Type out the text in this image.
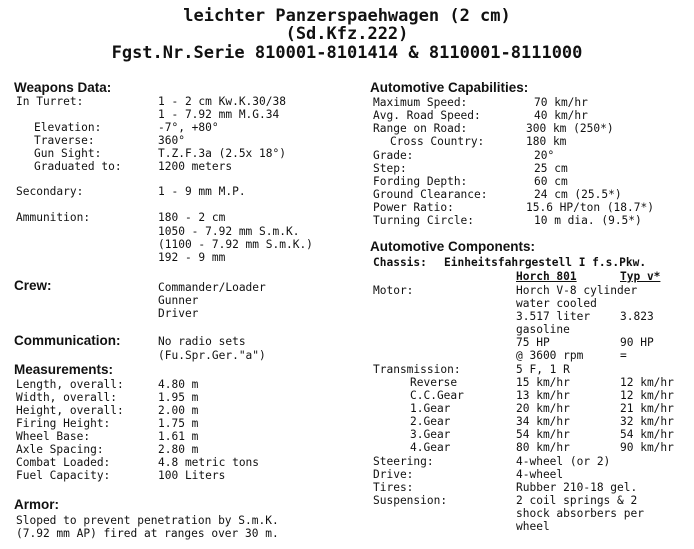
leichter Panzerspaehwagen (2 cm)
(Sd.Kfz.222)
Fgst.Nr.Serie 810001-8101414 & 8110001-8111000
Weapons Data:
In Turret:	1 - 2 cm Kw.K.30/38
1 - 7.92 mm M.G.34
Elevation:	-7°, +80°
Traverse:	360°
Gun Sight:	T.Z.F.3a (2.5x 18°)
Graduated to:	1200 meters
Secondary:	1 - 9 mm M.P.
Ammunition:	180 - 2 cm
1050 - 7.92 mm S.m.K.
(1100 - 7.92 mm S.m.K.)
192 - 9 mm
Crew:	Commander/Loader
Gunner
Driver
Communication:	No radio sets
(Fu.Spr.Ger."a")
Measurements:
Length, overall:	4.80 m
Width, overall:	1.95 m
Height, overall:	2.00 m
Firing Height:	1.75 m
Wheel Base:	1.61 m
Axle Spacing:	2.80 m
Combat Loaded:	4.8 metric tons
Fuel Capacity:	100 Liters
Armor:
Sloped to prevent penetration by S.m.K.
(7.92 mm AP) fired at ranges over 30 m.
Automotive Capabilities:
Maximum Speed:	70 km/hr
Avg. Road Speed:	40 km/hr
Range on Road:	300 km (250*)
Cross Country:	180 km
Grade:	20°
Step:	25 cm
Fording Depth:	60 cm
Ground Clearance:	24 cm (25.5*)
Power Ratio:	15.6 HP/ton (18.7*)
Turning Circle:	10 m dia. (9.5*)
Automotive Components:
Chassis: Einheitsfahrgestell I f.s.Pkw.
Horch 801	Typ v*
Motor:	Horch V-8 cylinder
water cooled
3.517 liter	3.823
gasoline
75 HP	90 HP
@ 3600 rpm	=
Transmission:	5 F, 1 R
Reverse	15 km/hr	12 km/hr
C.C.Gear	13 km/hr	12 km/hr
1.Gear	20 km/hr	21 km/hr
2.Gear	34 km/hr	32 km/hr
3.Gear	54 km/hr	54 km/hr
4.Gear	80 km/hr	90 km/hr
Steering:	4-wheel (or 2)
Drive:	4-wheel
Tires:	Rubber 210-18 gel.
Suspension:	2 coil springs & 2
shock absorbers per
wheel
